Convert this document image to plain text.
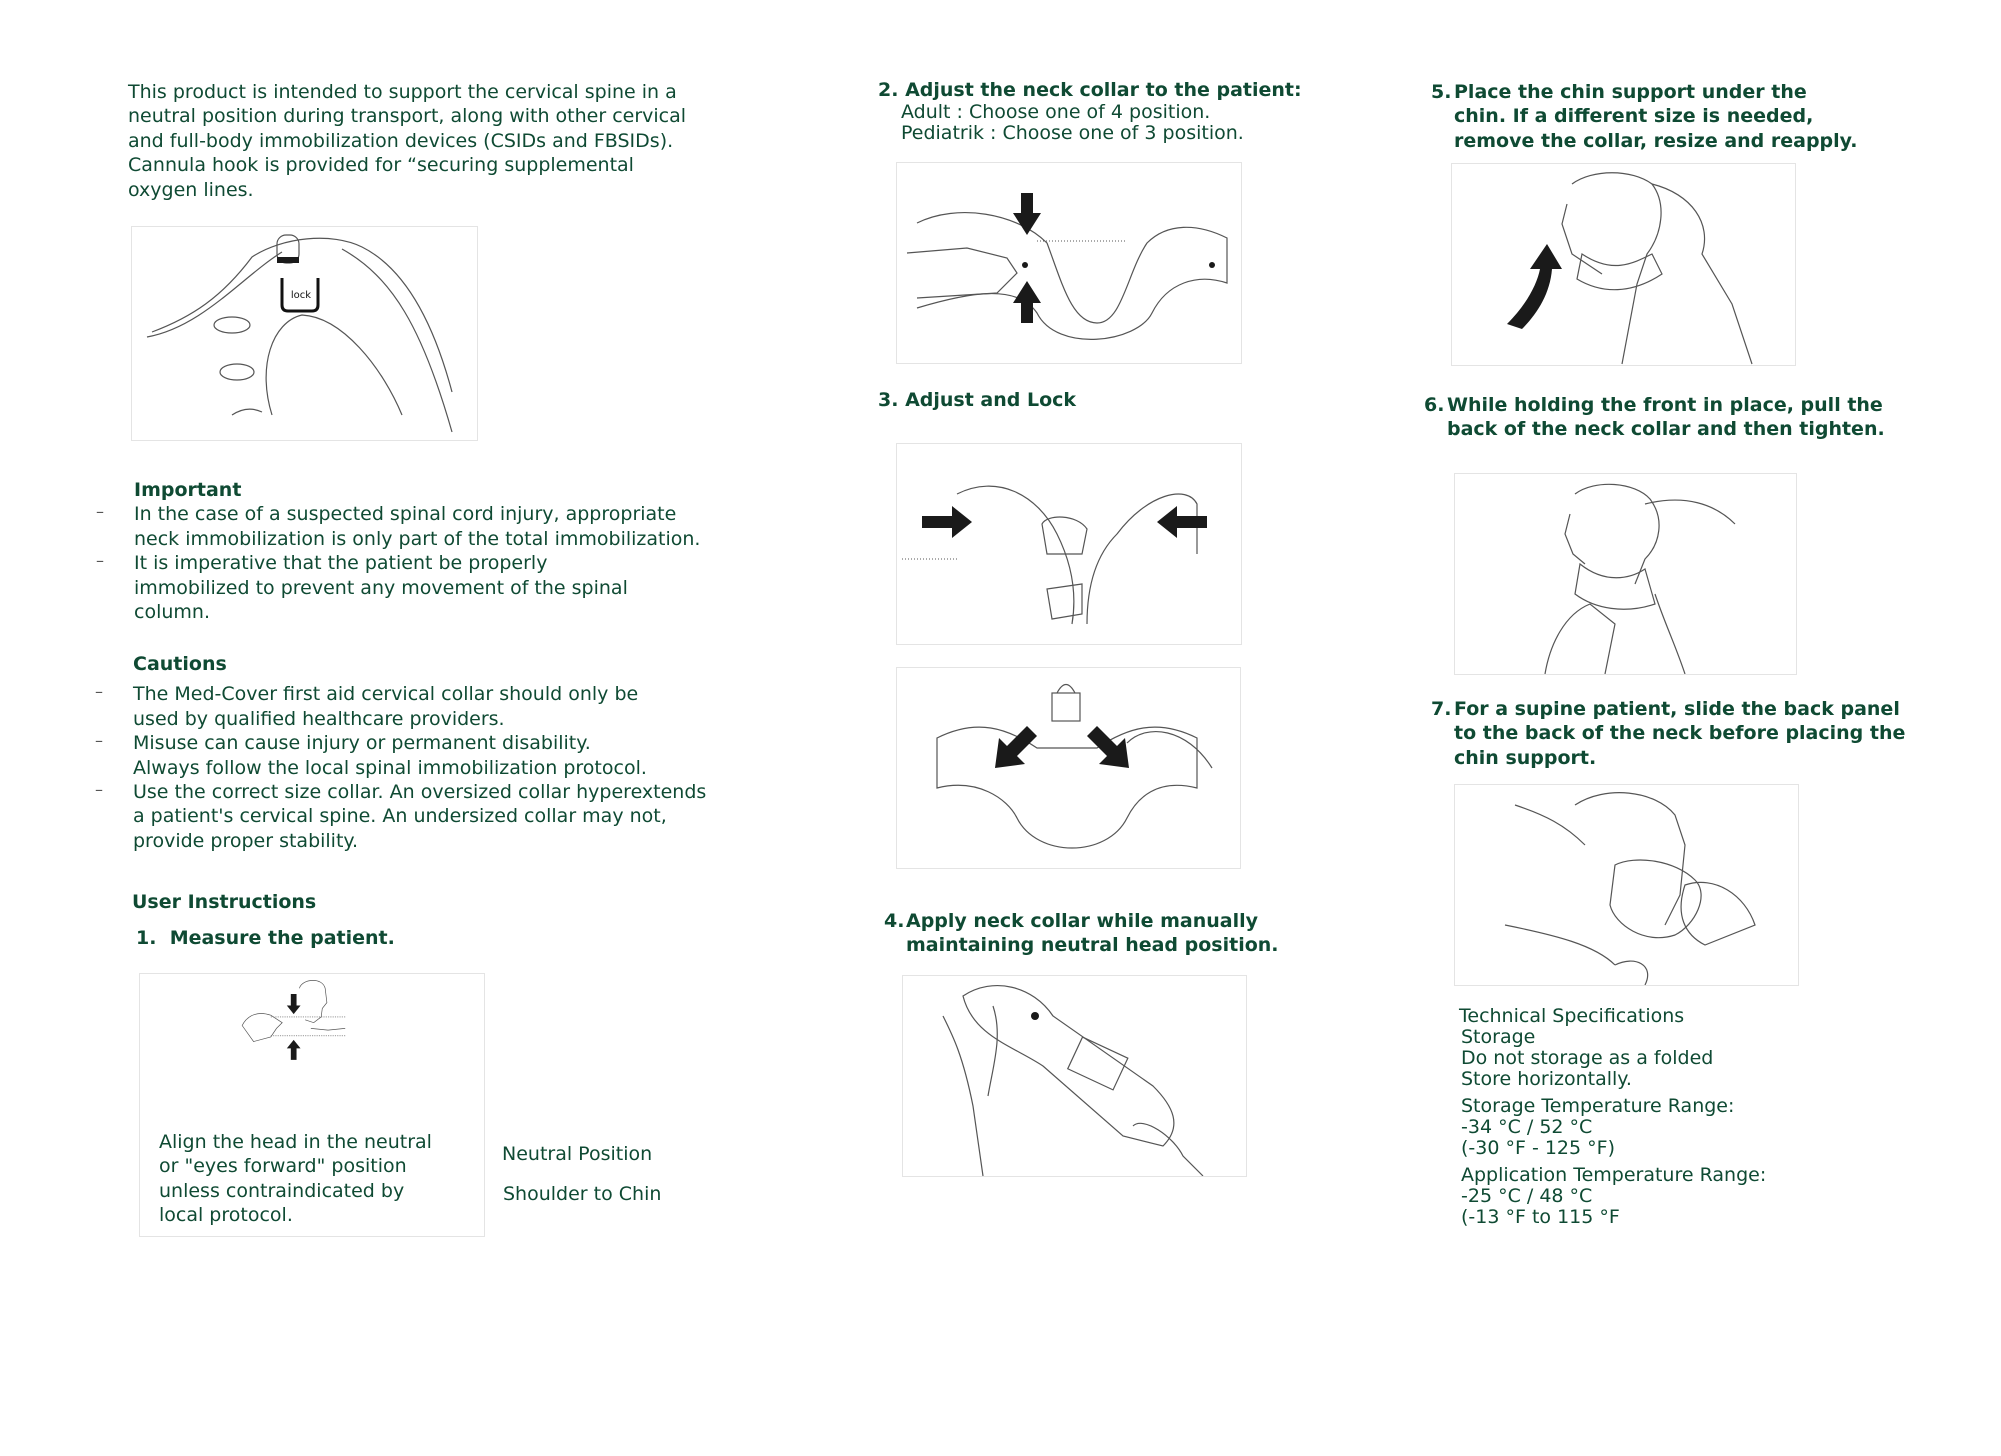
This product is intended to support the cervical spine in a
neutral position during transport, along with other cervical
and full-body immobilization devices (CSIDs and FBSIDs).
Cannula hook is provided for “securing supplemental
oxygen lines.
lock
Important
– In the case of a suspected spinal cord injury, appropriate
neck immobilization is only part of the total immobilization.
– It is imperative that the patient be properly
immobilized to prevent any movement of the spinal
column.
Cautions
– The Med-Cover first aid cervical collar should only be
used by qualified healthcare providers.
– Misuse can cause injury or permanent disability.
Always follow the local spinal immobilization protocol.
– Use the correct size collar. An oversized collar hyperextends
a patient's cervical spine. An undersized collar may not,
provide proper stability.
User Instructions
1. Measure the patient.
Align the head in the neutral
or "eyes forward" position
unless contraindicated by
local protocol.
Neutral Position
Shoulder to Chin
2. Adjust the neck collar to the patient:
Adult : Choose one of 4 position.
Pediatrik : Choose one of 3 position.
3. Adjust and Lock
4. Apply neck collar while manually
maintaining neutral head position.
5. Place the chin support under the
chin. If a different size is needed,
remove the collar, resize and reapply.
6. While holding the front in place, pull the
back of the neck collar and then tighten.
7. For a supine patient, slide the back panel
to the back of the neck before placing the
chin support.
Technical Specifications
Storage
Do not storage as a folded
Store horizontally.
Storage Temperature Range:
-34 °C / 52 °C
(-30 °F - 125 °F)
Application Temperature Range:
-25 °C / 48 °C
(-13 °F to 115 °F
